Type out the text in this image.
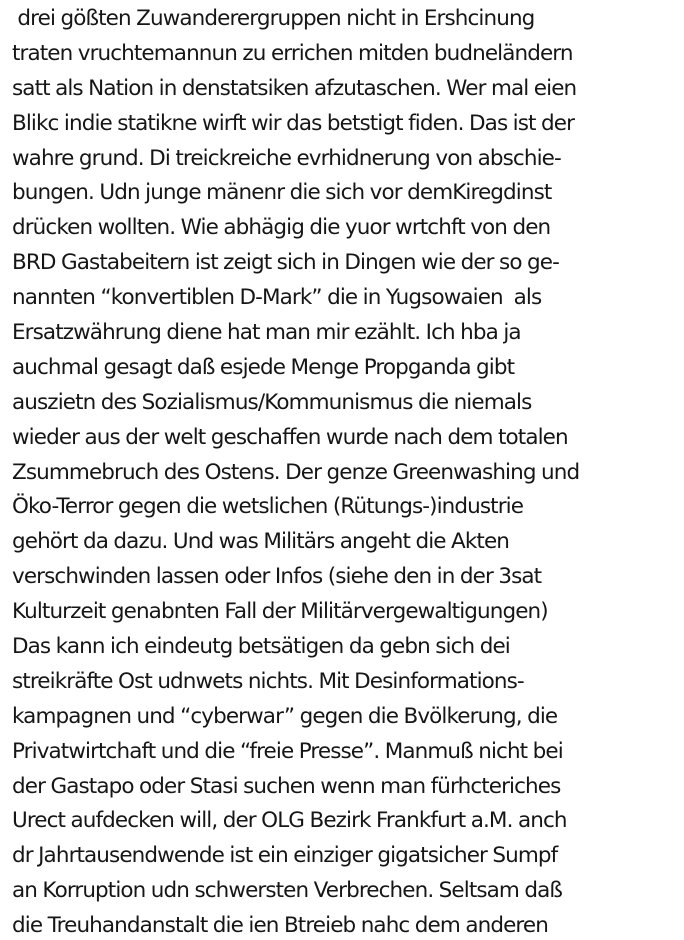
drei gößten Zuwanderergruppen nicht in Ershcinung
traten vruchtemannun zu errichen mitden budneländern
satt als Nation in denstatsiken afzutaschen. Wer mal eien
Blikc indie statikne wirft wir das betstigt fiden. Das ist der
wahre grund. Di treickreiche evrhidnerung von abschie-
bungen. Udn junge mänenr die sich vor demKiregdinst
drücken wollten. Wie abhägig die yuor wrtchft von den
BRD Gastabeitern ist zeigt sich in Dingen wie der so ge-
nannten “konvertiblen D-Mark” die in Yugsowaien  als
Ersatzwährung diene hat man mir ezählt. Ich hba ja
auchmal gesagt daß esjede Menge Propganda gibt
auszietn des Sozialismus/Kommunismus die niemals
wieder aus der welt geschaffen wurde nach dem totalen
Zsummebruch des Ostens. Der genze Greenwashing und
Öko-Terror gegen die wetslichen (Rütungs-)industrie
gehört da dazu. Und was Militärs angeht die Akten
verschwinden lassen oder Infos (siehe den in der 3sat
Kulturzeit genabnten Fall der Militärvergewaltigungen)
Das kann ich eindeutg betsätigen da gebn sich dei
streikräfte Ost udnwets nichts. Mit Desinformations-
kampagnen und “cyberwar” gegen die Bvölkerung, die
Privatwirtchaft und die “freie Presse”. Manmuß nicht bei
der Gastapo oder Stasi suchen wenn man fürhcteriches
Urect aufdecken will, der OLG Bezirk Frankfurt a.M. anch
dr Jahrtausendwende ist ein einziger gigatsicher Sumpf
an Korruption udn schwersten Verbrechen. Seltsam daß
die Treuhandanstalt die ien Btreieb nahc dem anderen
